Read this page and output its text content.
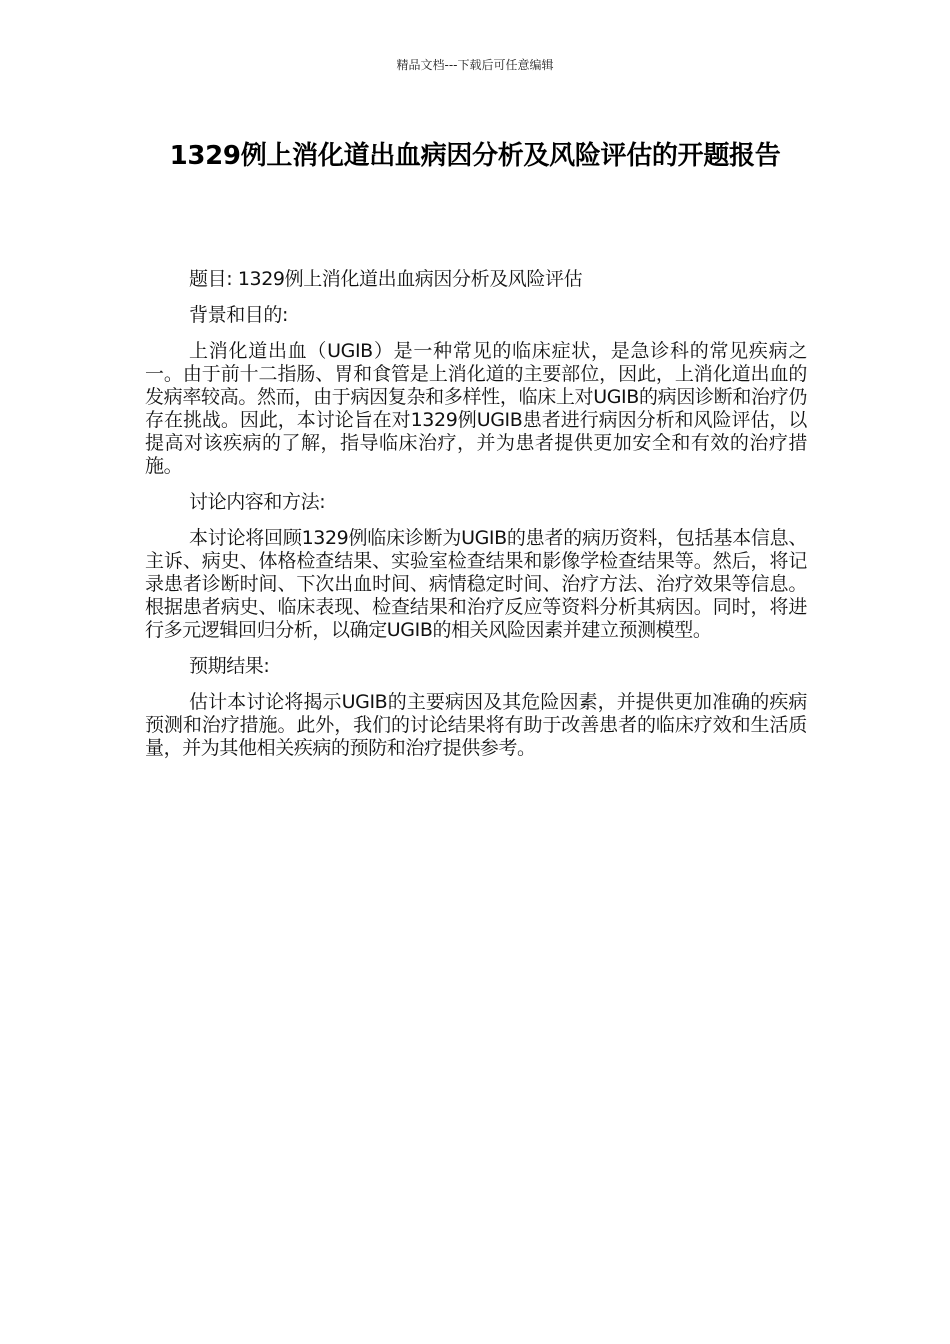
精品文档---下载后可任意编辑
1329例上消化道出血病因分析及风险评估的开题报告

题目: 1329例上消化道出血病因分析及风险评估

背景和目的:

上消化道出血（UGIB）是一种常见的临床症状，是急诊科的常见疾病之一。由于前十二指肠、胃和食管是上消化道的主要部位，因此，上消化道出血的发病率较高。然而，由于病因复杂和多样性，临床上对UGIB的病因诊断和治疗仍存在挑战。因此，本讨论旨在对1329例UGIB患者进行病因分析和风险评估，以提高对该疾病的了解，指导临床治疗，并为患者提供更加安全和有效的治疗措施。

讨论内容和方法:

本讨论将回顾1329例临床诊断为UGIB的患者的病历资料，包括基本信息、主诉、病史、体格检查结果、实验室检查结果和影像学检查结果等。然后，将记录患者诊断时间、下次出血时间、病情稳定时间、治疗方法、治疗效果等信息。根据患者病史、临床表现、检查结果和治疗反应等资料分析其病因。同时，将进行多元逻辑回归分析，以确定UGIB的相关风险因素并建立预测模型。

预期结果:

估计本讨论将揭示UGIB的主要病因及其危险因素，并提供更加准确的疾病预测和治疗措施。此外，我们的讨论结果将有助于改善患者的临床疗效和生活质量，并为其他相关疾病的预防和治疗提供参考。
